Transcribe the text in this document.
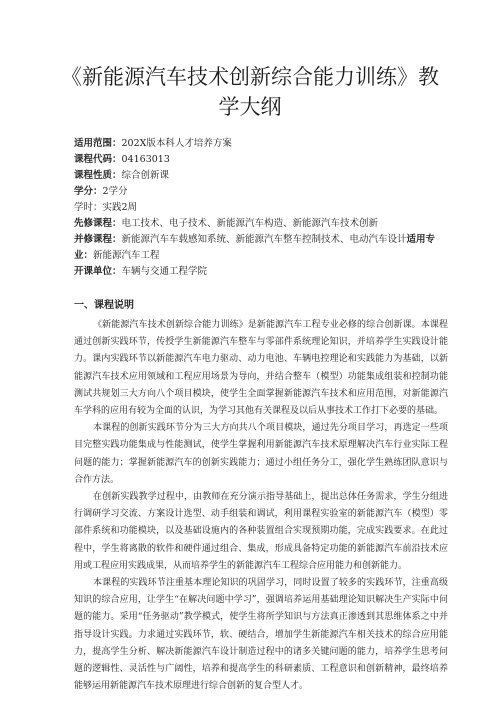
《新能源汽车技术创新综合能力训练》教学大纲

适用范围：202X版本科人才培养方案

课程代码：04163013

课程性质：综合创新课

学分：2学分

学时：实践2周

先修课程：电工技术、电子技术、新能源汽车构造、新能源汽车技术创新

并修课程：新能源汽车车载感知系统、新能源汽车整车控制技术、电动汽车设计适用专业：新能源汽车工程

开课单位：车辆与交通工程学院

一、课程说明

《新能源汽车技术创新综合能力训练》是新能源汽车工程专业必修的综合创新课。本课程通过创新实践环节，传授学生新能源汽车整车与零部件系统理论知识，并培养学生实践设计能力。课内实践环节以新能源汽车电力驱动、动力电池、车辆电控理论和实践能力为基础，以新能源汽车技术应用领域和工程应用场景为导向，并结合整车（模型）功能集成组装和控制功能测试共规划三大方向八个项目模块，使学生全面掌握新能源汽车技术和应用范围，对新能源汽车学科的应用有较为全面的认识，为学习其他有关课程及以后从事技术工作打下必要的基础。

本课程的创新实践环节分为三大方向共八个项目模块，通过先分项目学习，再选定一些项目完整实践功能集成与性能测试，使学生掌握利用新能源汽车技术原理解决汽车行业实际工程问题的能力；掌握新能源汽车的创新实践能力；通过小组任务分工，强化学生熟练团队意识与合作方法。

在创新实践教学过程中，由教师在充分演示指导基础上，提出总体任务需求，学生分组进行调研学习交流、方案设计选型、动手组装和调试，利用课程实验室的新能源汽车（模型）零部件系统和功能模块，以及基础设施内的各种装置组合实现预期功能，完成实践要求。在此过程中，学生将离散的软件和硬件通过组合、集成，形成具备特定功能的新能源汽车前沿技术应用或工程应用实践成果，从而培养学生的新能源汽车工程综合应用能力和创新能力。

本课程的实践环节注重基本理论知识的巩固学习，同时设置了较多的实践环节，注重高级知识的综合应用，让学生“在解决问题中学习”，强调培养运用基础理论知识解决生产实际中问题的能力。采用“任务驱动”教学模式，使学生将所学知识与方法真正渗透到其思维体系之中并指导设计实践。力求通过实践环节，软、硬结合，增加学生新能源汽车相关技术的综合应用能力，提高学生分析、解决新能源汽车设计制造过程中的诸多关键问题的能力，培养学生思考问题的逻辑性、灵活性与广阔性，培养和提高学生的科研素质、工程意识和创新精神，最终培养能够运用新能源汽车技术原理进行综合创新的复合型人才。
